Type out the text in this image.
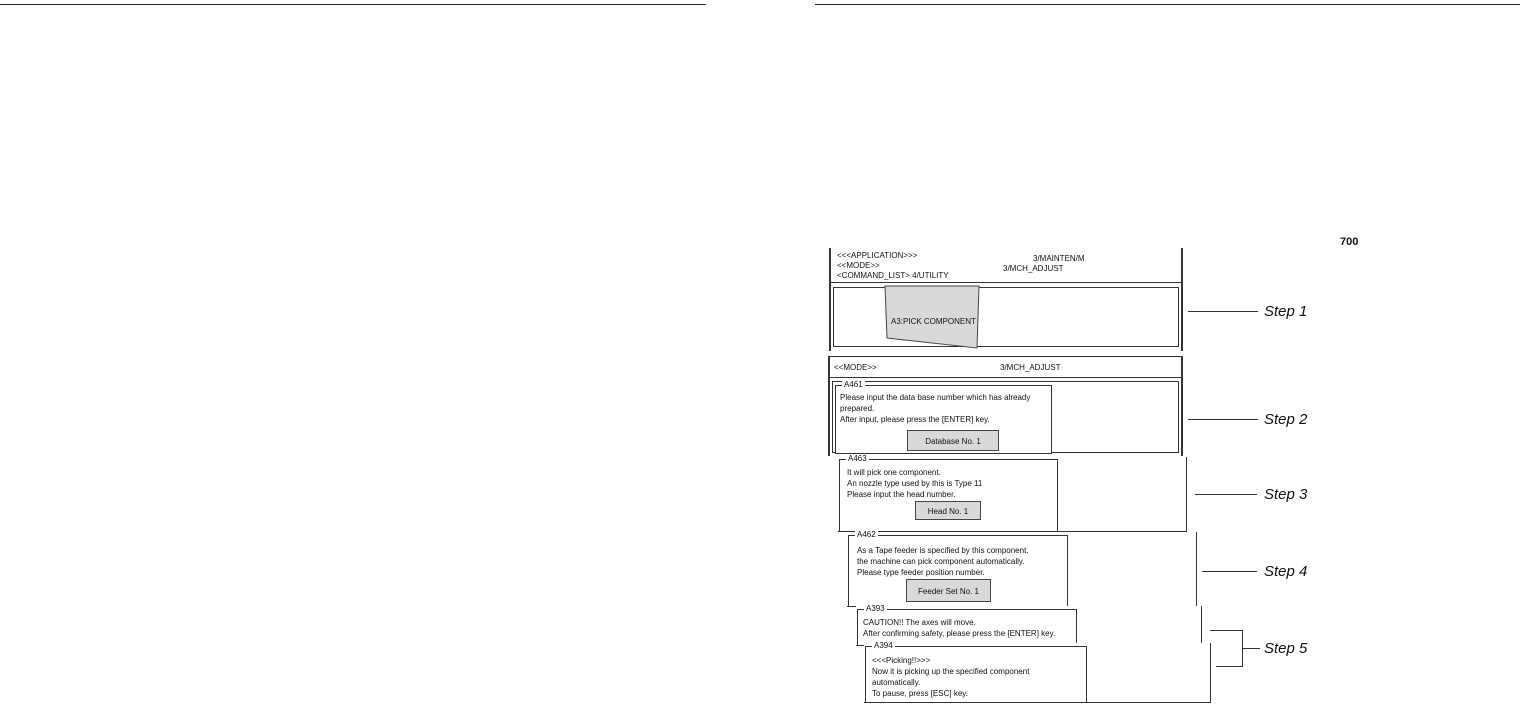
700
<<<APPLICATION>>>
<<MODE>>
<COMMAND_LIST> 4/UTILITY
3/MAINTEN/M
3/MCH_ADJUST
A3:PICK COMPONENT
<<MODE>>	3/MCH_ADJUST
A461
Please input the data base number which has already
prepared.
After input, please press the [ENTER] key.
Database No. 1
A463
It will pick one component.
An nozzle type used by this is Type 11
Please input the head number.
Head No. 1
A462
As a Tape feeder is specified by this component,
the machine can pick component automatically.
Please type feeder position number.
Feeder Set No. 1
A393
CAUTION!! The axes will move.
After confirming safety, please press the [ENTER] key.
A394
<<<Picking!!>>>
Now it is picking up the specified component
automatically.
To pause, press [ESC] key.
Step 1
Step 2
Step 3
Step 4
Step 5
